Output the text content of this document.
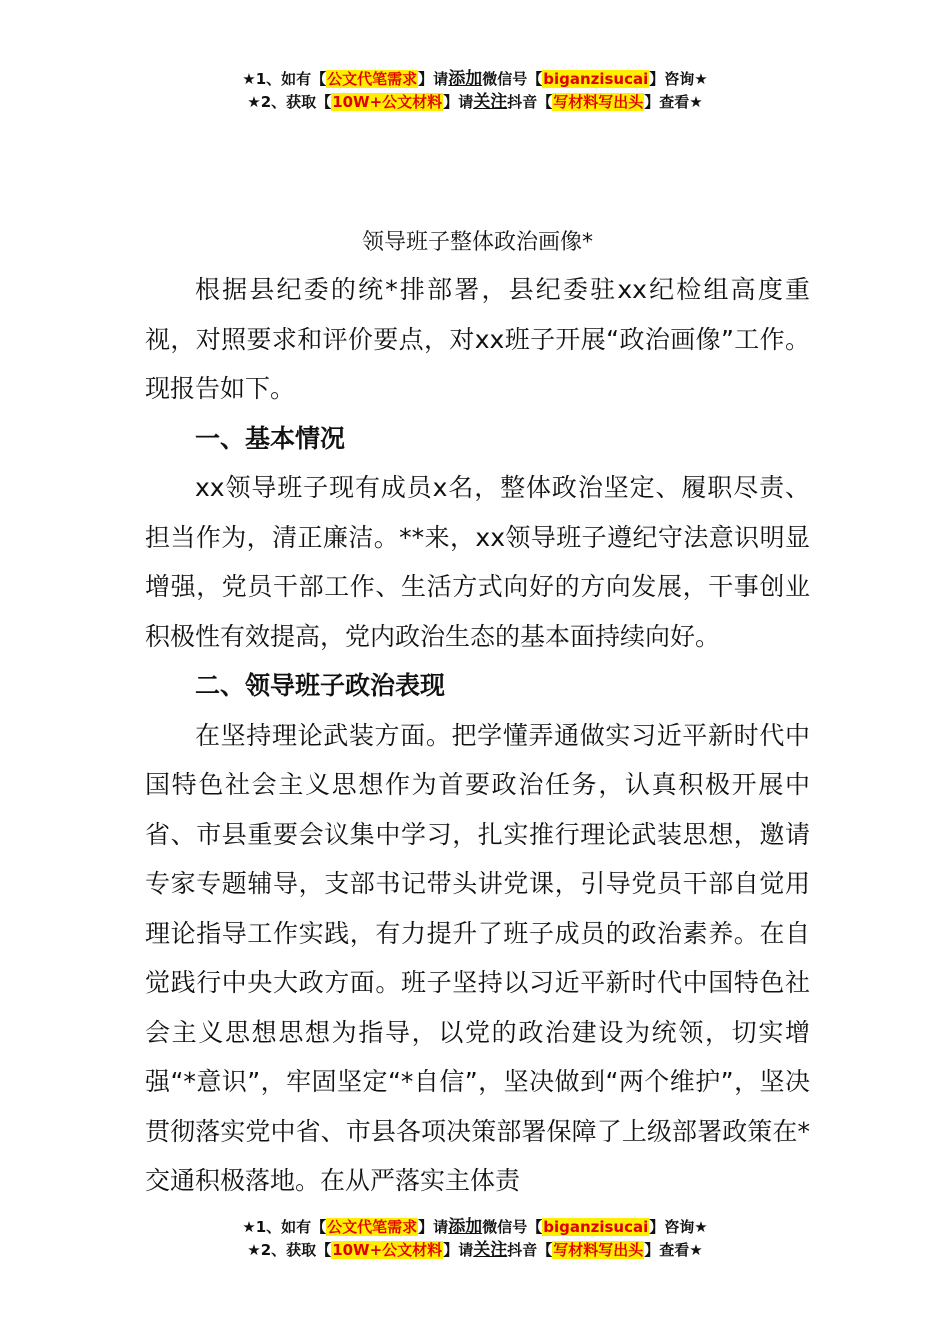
★1、如有【公文代笔需求】请添加微信号【biganzisucai】咨询★
★2、获取【10W+公文材料】请关注抖音【写材料写出头】查看★
领导班子整体政治画像*

根据县纪委的统*排部署，县纪委驻xx纪检组高度重视，对照要求和评价要点，对xx班子开展“政治画像”工作。现报告如下。

一、基本情况

xx领导班子现有成员x名，整体政治坚定、履职尽责、担当作为，清正廉洁。**来，xx领导班子遵纪守法意识明显增强，党员干部工作、生活方式向好的方向发展，干事创业积极性有效提高，党内政治生态的基本面持续向好。

二、领导班子政治表现

在坚持理论武装方面。把学懂弄通做实习近平新时代中国特色社会主义思想作为首要政治任务，认真积极开展中省、市县重要会议集中学习，扎实推行理论武装思想，邀请专家专题辅导，支部书记带头讲党课，引导党员干部自觉用理论指导工作实践，有力提升了班子成员的政治素养。在自觉践行中央大政方面。班子坚持以习近平新时代中国特色社会主义思想思想为指导，以党的政治建设为统领，切实增强“*意识”，牢固坚定“*自信”，坚决做到“两个维护”，坚决贯彻落实党中省、市县各项决策部署保障了上级部署政策在*交通积极落地。在从严落实主体责

★1、如有【公文代笔需求】请添加微信号【biganzisucai】咨询★
★2、获取【10W+公文材料】请关注抖音【写材料写出头】查看★
